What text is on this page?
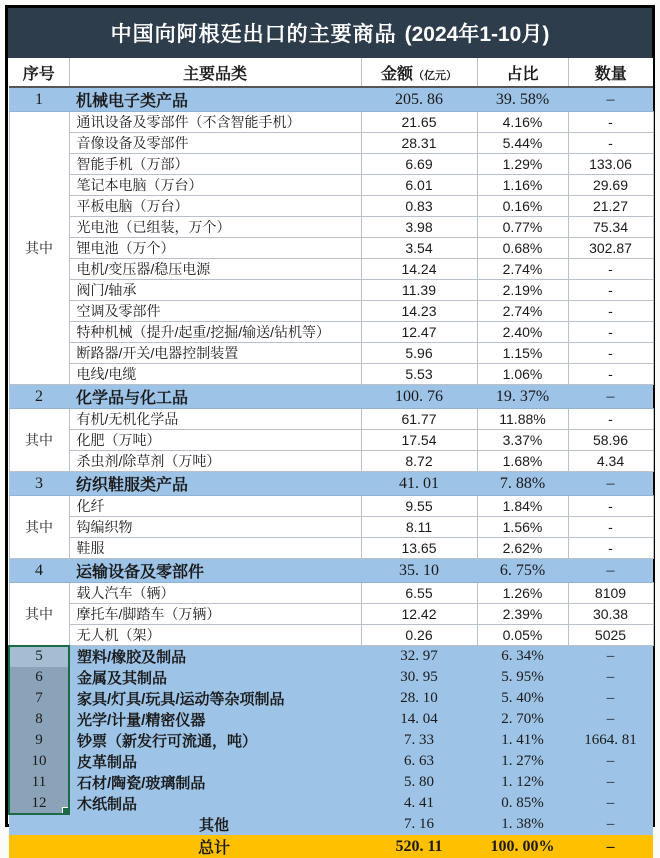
中国向阿根廷出口的主要商品 (2024年1-10月)
序号	主要品类	金额（亿元）	占比	数量
1	机械电子类产品	205. 86	39. 58%	–
其中	通讯设备及零部件（不含智能手机）	21.65	4.16%	-
	音像设备及零部件	28.31	5.44%	-
	智能手机（万部）	6.69	1.29%	133.06
	笔记本电脑（万台）	6.01	1.16%	29.69
	平板电脑（万台）	0.83	0.16%	21.27
	光电池（已组装，万个）	3.98	0.77%	75.34
	锂电池（万个）	3.54	0.68%	302.87
	电机/变压器/稳压电源	14.24	2.74%	-
	阀门/轴承	11.39	2.19%	-
	空调及零部件	14.23	2.74%	-
	特种机械（提升/起重/挖掘/输送/钻机等）	12.47	2.40%	-
	断路器/开关/电器控制装置	5.96	1.15%	-
	电线/电缆	5.53	1.06%	-
2	化学品与化工品	100. 76	19. 37%	–
其中	有机/无机化学品	61.77	11.88%	-
	化肥（万吨）	17.54	3.37%	58.96
	杀虫剂/除草剂（万吨）	8.72	1.68%	4.34
3	纺织鞋服类产品	41. 01	7. 88%	–
其中	化纤	9.55	1.84%	-
	钩编织物	8.11	1.56%	-
	鞋服	13.65	2.62%	-
4	运输设备及零部件	35. 10	6. 75%	–
其中	载人汽车（辆）	6.55	1.26%	8109
	摩托车/脚踏车（万辆）	12.42	2.39%	30.38
	无人机（架）	0.26	0.05%	5025
5	塑料/橡胶及制品	32. 97	6. 34%	–
6	金属及其制品	30. 95	5. 95%	–
7	家具/灯具/玩具/运动等杂项制品	28. 10	5. 40%	–
8	光学/计量/精密仪器	14. 04	2. 70%	–
9	钞票（新发行可流通，吨）	7. 33	1. 41%	1664. 81
10	皮革制品	6. 63	1. 27%	–
11	石材/陶瓷/玻璃制品	5. 80	1. 12%	–
12	木纸制品	4. 41	0. 85%	–
	其他	7. 16	1. 38%	–
	总计	520. 11	100. 00%	–
